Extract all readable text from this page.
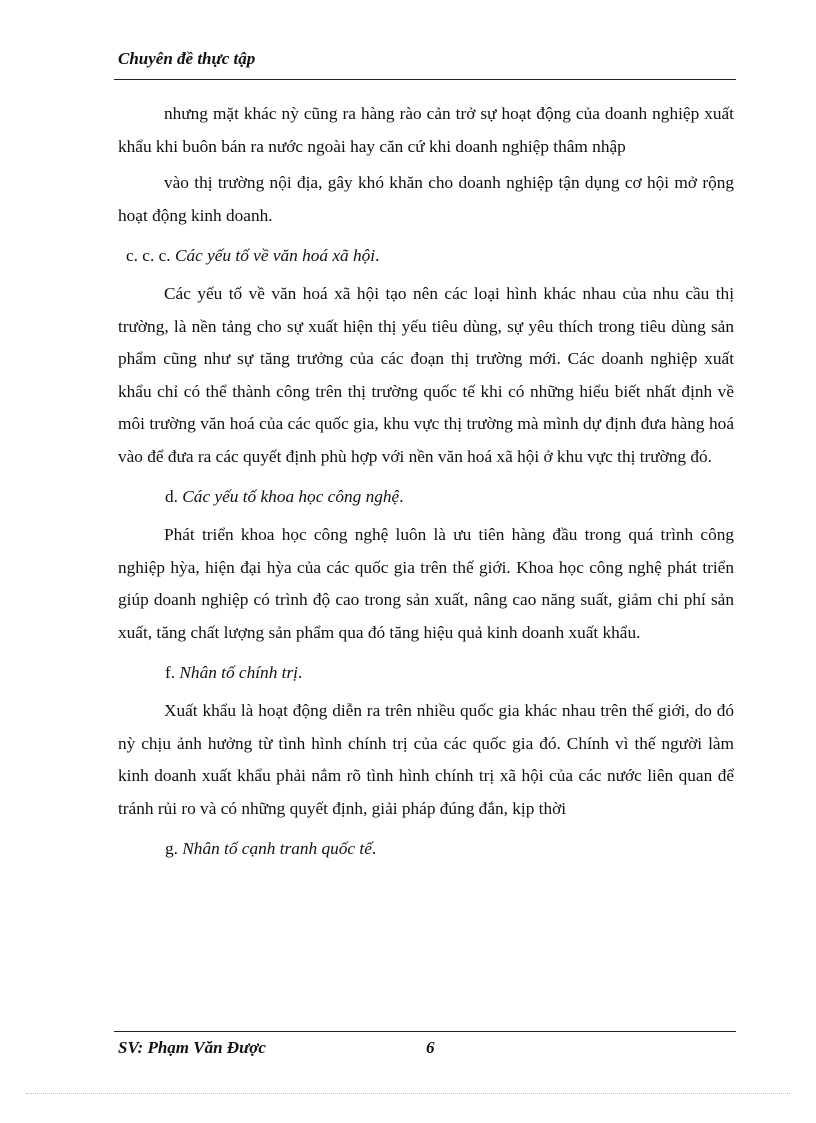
Chuyên đề thực tập

nhưng mặt khác nỳ cũng ra hàng rào cản trở sự hoạt động của doanh nghiệp xuất khẩu khi buôn bán ra nước ngoài hay căn cứ khi doanh nghiệp thâm nhập

vào thị trường nội địa, gây khó khăn cho doanh nghiệp tận dụng cơ hội mở rộng hoạt động kinh doanh.

c. c. c. Các yếu tố về văn hoá xã hội.

Các yếu tố về văn hoá xã hội tạo nên các loại hình khác nhau của nhu cầu thị trường, là nền tảng cho sự xuất hiện thị yếu tiêu dùng, sự yêu thích trong tiêu dùng sản phẩm cũng như sự tăng trưởng của các đoạn thị trường mới. Các doanh nghiệp xuất khẩu chỉ có thể thành công trên thị trường quốc tế khi có những hiểu biết nhất định về môi trường văn hoá của các quốc gia, khu vực thị trường mà mình dự định đưa hàng hoá vào để đưa ra các quyết định phù hợp với nền văn hoá xã hội ở khu vực thị trường đó.

d. Các yếu tố khoa học công nghệ.

Phát triển khoa học công nghệ luôn là ưu tiên hàng đầu trong quá trình công nghiệp hỳa, hiện đại hỳa của các quốc gia trên thế giới. Khoa học công nghệ phát triển giúp doanh nghiệp có trình độ cao trong sản xuất, nâng cao năng suất, giảm chi phí sản xuất, tăng chất lượng sản phẩm qua đó tăng hiệu quả kinh doanh xuất khẩu.

f. Nhân tố chính trị.

Xuất khẩu là hoạt động diễn ra trên nhiều quốc gia khác nhau trên thế giới, do đó nỳ chịu ảnh hưởng từ tình hình chính trị của các quốc gia đó. Chính vì thế người làm kinh doanh xuất khẩu phải nắm rõ tình hình chính trị xã hội của các nước liên quan để tránh rủi ro và có những quyết định, giải pháp đúng đắn, kịp thời

g. Nhân tố cạnh tranh quốc tế.

SV: Phạm Văn Được	6
